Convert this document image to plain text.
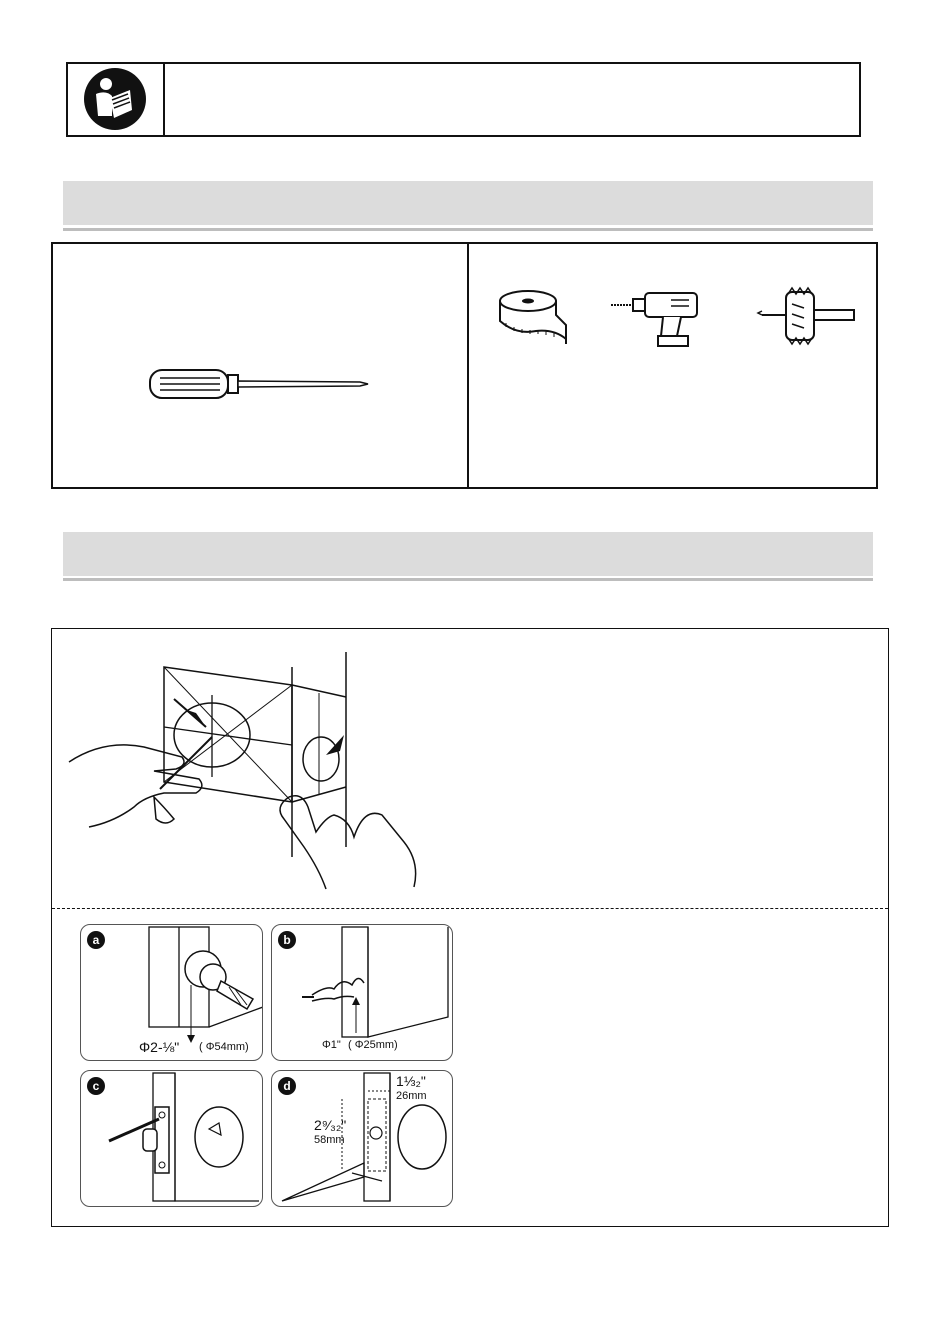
a
Φ2-⅛" ( Φ54mm)
b
Φ1" ( Φ25mm)
c	d	1⅓₂"
26mm
2⁹⁄₃₂"
58mm
